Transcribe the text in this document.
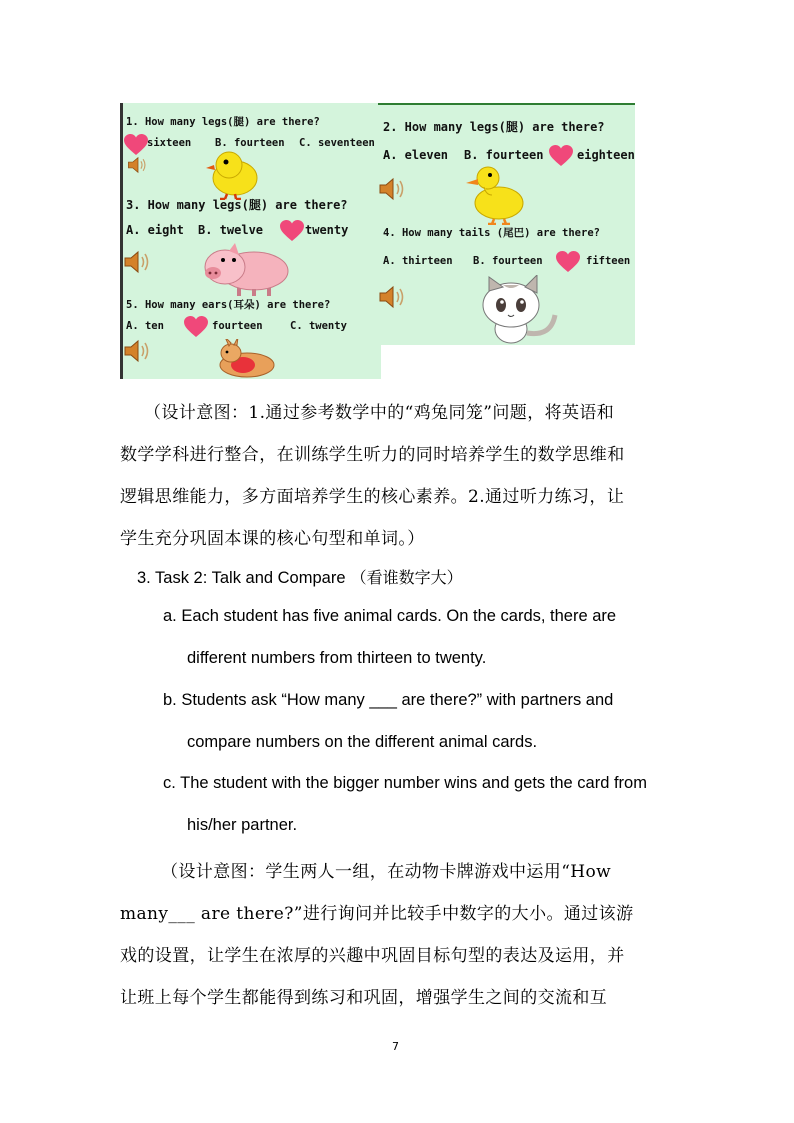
1. How many legs(腿) are there?
sixteen B. fourteen C. seventeen
3. How many legs(腿) are there?
A. eight B. twelve	twenty
5. How many ears(耳朵) are there?
A. ten	fourteen	C. twenty
2. How many legs(腿) are there?
A. eleven B. fourteen	eighteen
4. How many tails (尾巴) are there?
A. thirteen B. fourteen	fifteen
（设计意图：1.通过参考数学中的“鸡兔同笼”问题，将英语和
数学学科进行整合，在训练学生听力的同时培养学生的数学思维和
逻辑思维能力，多方面培养学生的核心素养。2.通过听力练习，让
学生充分巩固本课的核心句型和单词。）
3. Task 2: Talk and Compare （看谁数字大）
a. Each student has five animal cards. On the cards, there are
different numbers from thirteen to twenty.
b. Students ask “How many ___ are there?” with partners and
compare numbers on the different animal cards.
c. The student with the bigger number wins and gets the card from
his/her partner.
（设计意图：学生两人一组，在动物卡牌游戏中运用“How
many___ are there?”进行询问并比较手中数字的大小。通过该游
戏的设置，让学生在浓厚的兴趣中巩固目标句型的表达及运用，并
让班上每个学生都能得到练习和巩固，增强学生之间的交流和互
7
